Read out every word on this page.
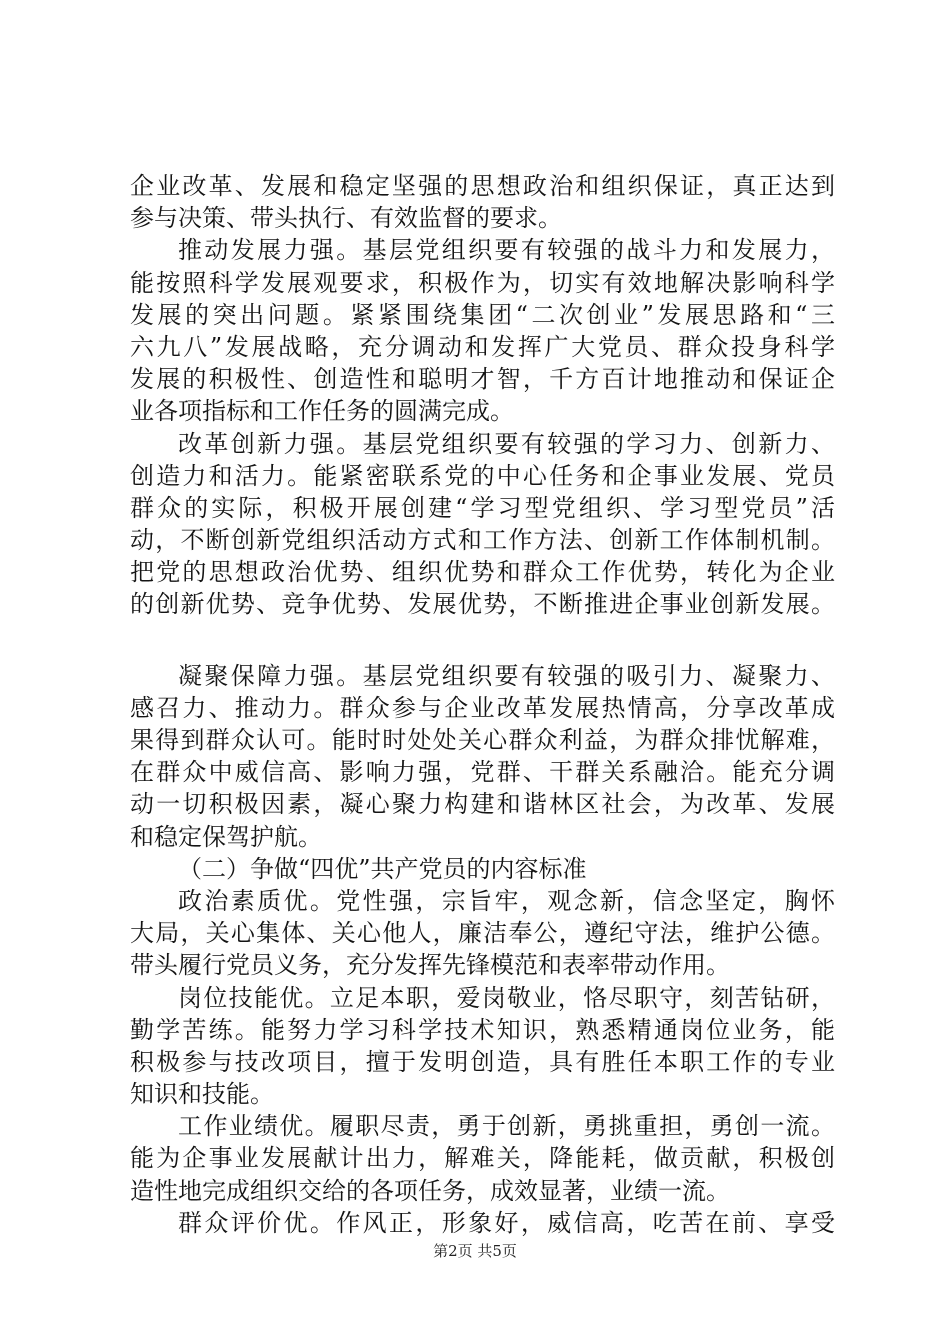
企业改革、发展和稳定坚强的思想政治和组织保证，真正达到
参与决策、带头执行、有效监督的要求。
推动发展力强。基层党组织要有较强的战斗力和发展力，
能按照科学发展观要求，积极作为，切实有效地解决影响科学
发展的突出问题。紧紧围绕集团“二次创业”发展思路和“三
六九八”发展战略，充分调动和发挥广大党员、群众投身科学
发展的积极性、创造性和聪明才智，千方百计地推动和保证企
业各项指标和工作任务的圆满完成。
改革创新力强。基层党组织要有较强的学习力、创新力、
创造力和活力。能紧密联系党的中心任务和企事业发展、党员
群众的实际，积极开展创建“学习型党组织、学习型党员”活
动，不断创新党组织活动方式和工作方法、创新工作体制机制。
把党的思想政治优势、组织优势和群众工作优势，转化为企业
的创新优势、竞争优势、发展优势，不断推进企事业创新发展。
凝聚保障力强。基层党组织要有较强的吸引力、凝聚力、
感召力、推动力。群众参与企业改革发展热情高，分享改革成
果得到群众认可。能时时处处关心群众利益，为群众排忧解难，
在群众中威信高、影响力强，党群、干群关系融洽。能充分调
动一切积极因素，凝心聚力构建和谐林区社会，为改革、发展
和稳定保驾护航。
（二）争做“四优”共产党员的内容标准
政治素质优。党性强，宗旨牢，观念新，信念坚定，胸怀
大局，关心集体、关心他人，廉洁奉公，遵纪守法，维护公德。
带头履行党员义务，充分发挥先锋模范和表率带动作用。
岗位技能优。立足本职，爱岗敬业，恪尽职守，刻苦钻研，
勤学苦练。能努力学习科学技术知识，熟悉精通岗位业务，能
积极参与技改项目，擅于发明创造，具有胜任本职工作的专业
知识和技能。
工作业绩优。履职尽责，勇于创新，勇挑重担，勇创一流。
能为企事业发展献计出力，解难关，降能耗，做贡献，积极创
造性地完成组织交给的各项任务，成效显著，业绩一流。
群众评价优。作风正，形象好，威信高，吃苦在前、享受
第2页 共5页
